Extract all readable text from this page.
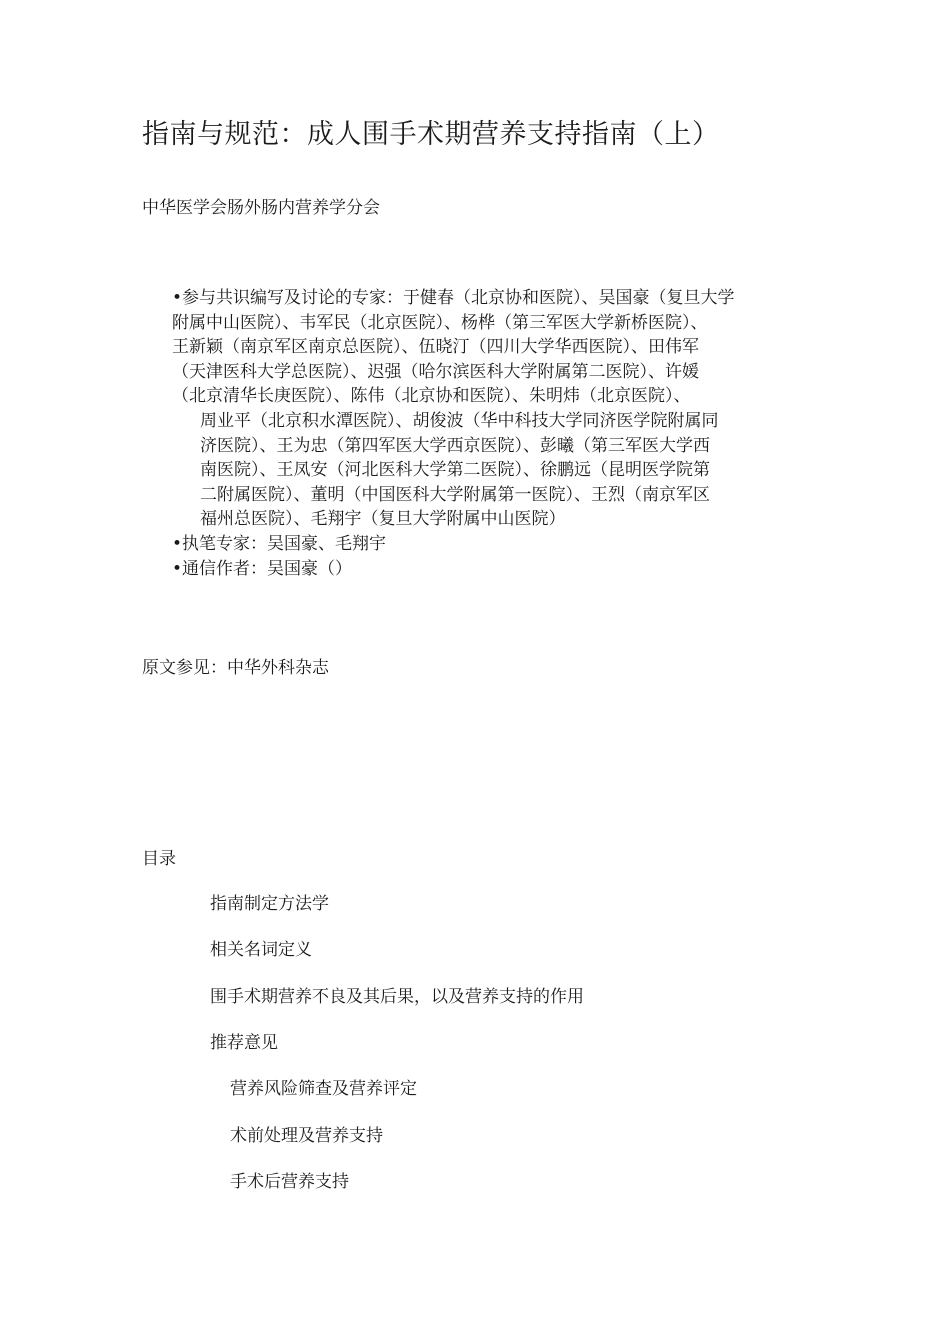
指南与规范：成人围手术期营养支持指南（上）
中华医学会肠外肠内营养学分会
•参与共识编写及讨论的专家：于健春（北京协和医院）、吴国豪（复旦大学
附属中山医院）、韦军民（北京医院）、杨桦（第三军医大学新桥医院）、
王新颖（南京军区南京总医院）、伍晓汀（四川大学华西医院）、田伟军
（天津医科大学总医院）、迟强（哈尔滨医科大学附属第二医院）、许媛
（北京清华长庚医院）、陈伟（北京协和医院）、朱明炜（北京医院）、
周业平（北京积水潭医院）、胡俊波（华中科技大学同济医学院附属同
济医院）、王为忠（第四军医大学西京医院）、彭曦（第三军医大学西
南医院）、王凤安（河北医科大学第二医院）、徐鹏远（昆明医学院第
二附属医院）、董明（中国医科大学附属第一医院）、王烈（南京军区
福州总医院）、毛翔宇（复旦大学附属中山医院）
•执笔专家：吴国豪、毛翔宇
•通信作者：吴国豪（）
原文参见：中华外科杂志
目录
指南制定方法学
相关名词定义
围手术期营养不良及其后果，以及营养支持的作用
推荐意见
营养风险筛查及营养评定
术前处理及营养支持
手术后营养支持
